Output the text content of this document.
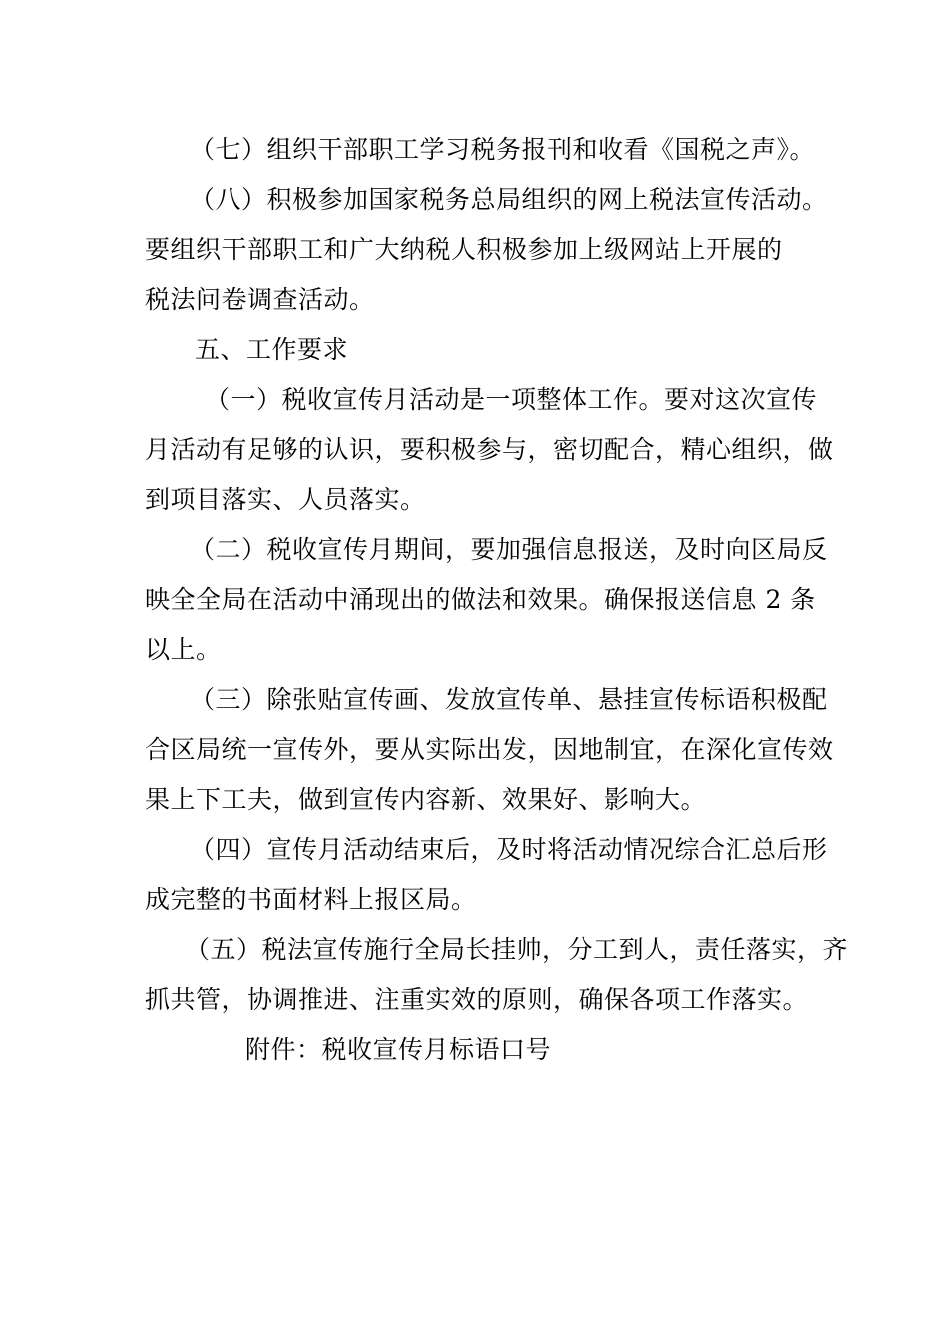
（七）组织干部职工学习税务报刊和收看《国税之声》。
（八）积极参加国家税务总局组织的网上税法宣传活动。
要组织干部职工和广大纳税人积极参加上级网站上开展的
税法问卷调查活动。
五、工作要求
（一）税收宣传月活动是一项整体工作。要对这次宣传
月活动有足够的认识，要积极参与，密切配合，精心组织，做
到项目落实、人员落实。
（二）税收宣传月期间，要加强信息报送，及时向区局反
映全全局在活动中涌现出的做法和效果。确保报送信息 2 条
以上。
（三）除张贴宣传画、发放宣传单、悬挂宣传标语积极配
合区局统一宣传外，要从实际出发，因地制宜，在深化宣传效
果上下工夫，做到宣传内容新、效果好、影响大。
（四）宣传月活动结束后，及时将活动情况综合汇总后形
成完整的书面材料上报区局。
（五）税法宣传施行全局长挂帅，分工到人，责任落实，齐
抓共管，协调推进、注重实效的原则，确保各项工作落实。
附件：税收宣传月标语口号
